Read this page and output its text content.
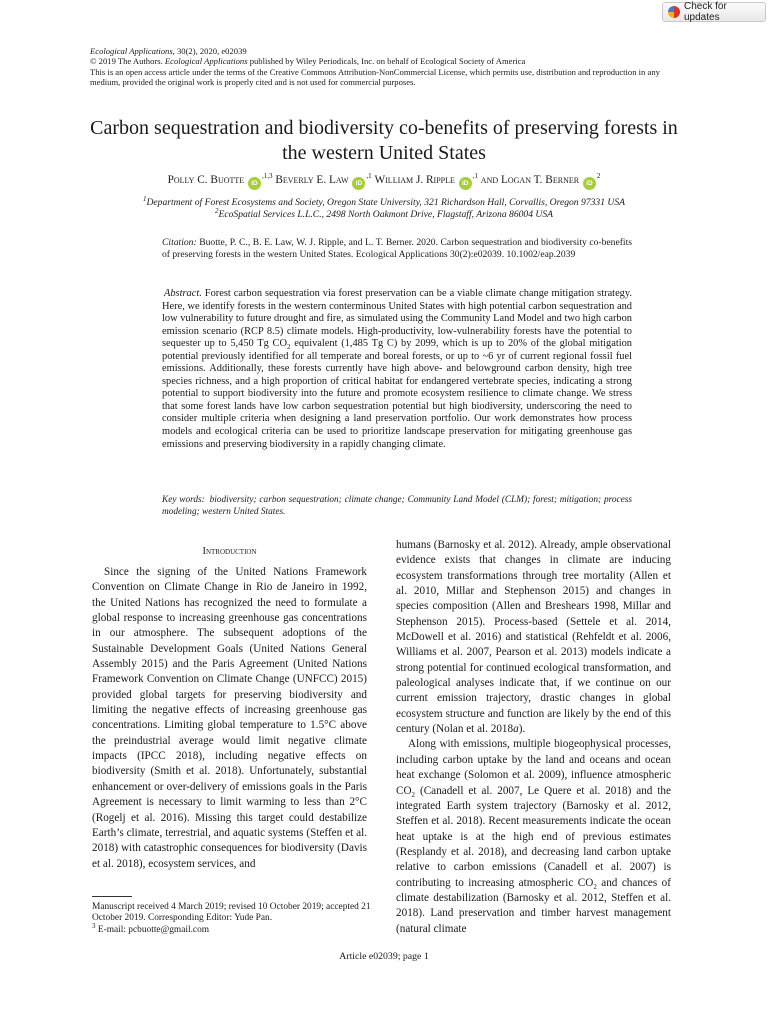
Check for updates
Ecological Applications, 30(2), 2020, e02039
© 2019 The Authors. Ecological Applications published by Wiley Periodicals, Inc. on behalf of Ecological Society of America
This is an open access article under the terms of the Creative Commons Attribution-NonCommercial License, which permits use, distribution and reproduction in any medium, provided the original work is properly cited and is not used for commercial purposes.
Carbon sequestration and biodiversity co-benefits of preserving forests in the western United States
Polly C. Buotte $iD^{,1,3}$ Beverly E. Law $iD^{,1}$ William J. Ripple $iD^{,1}$ and Logan T. Berner $iD^2$
$^1$Department of Forest Ecosystems and Society, Oregon State University, 321 Richardson Hall, Corvallis, Oregon 97331 USA
$^2$EcoSpatial Services L.L.C., 2498 North Oakmont Drive, Flagstaff, Arizona 86004 USA
Citation: Buotte, P. C., B. E. Law, W. J. Ripple, and L. T. Berner. 2020. Carbon sequestration and biodiversity co-benefits of preserving forests in the western United States. Ecological Applications 30(2):e02039. 10.1002/eap.2039
Abstract. Forest carbon sequestration via forest preservation can be a viable climate change mitigation strategy. Here, we identify forests in the western conterminous United States with high potential carbon sequestration and low vulnerability to future drought and fire, as simulated using the Community Land Model and two high carbon emission scenario (RCP 8.5) climate models. High-productivity, low-vulnerability forests have the potential to sequester up to 5,450 Tg $CO_2$ equivalent (1,485 Tg C) by 2099, which is up to 20% of the global mitigation potential previously identified for all temperate and boreal forests, or up to ~6 yr of current regional fossil fuel emissions. Additionally, these forests currently have high above- and belowground carbon density, high tree species richness, and a high proportion of critical habitat for endangered vertebrate species, indicating a strong potential to support biodiversity into the future and promote ecosystem resilience to climate change. We stress that some forest lands have low carbon sequestration potential but high biodiversity, underscoring the need to consider multiple criteria when designing a land preservation portfolio. Our work demonstrates how process models and ecological criteria can be used to prioritize landscape preservation for mitigating greenhouse gas emissions and preserving biodiversity in a rapidly changing climate.
Key words: biodiversity; carbon sequestration; climate change; Community Land Model (CLM); forest; mitigation; process modeling; western United States.
Introduction

Since the signing of the United Nations Framework Convention on Climate Change in Rio de Janeiro in 1992, the United Nations has recognized the need to formulate a global response to increasing greenhouse gas concentrations in our atmosphere. The subsequent adoptions of the Sustainable Development Goals (United Nations General Assembly 2015) and the Paris Agreement (United Nations Framework Convention on Climate Change (UNFCC) 2015) provided global targets for preserving biodiversity and limiting the negative effects of increasing greenhouse gas concentrations. Limiting global temperature to 1.5°C above the preindustrial average would limit negative climate impacts (IPCC 2018), including negative effects on biodiversity (Smith et al. 2018). Unfortunately, substantial enhancement or over-delivery of emissions goals in the Paris Agreement is necessary to limit warming to less than 2°C (Rogelj et al. 2016). Missing this target could destabilize Earth’s climate, terrestrial, and aquatic systems (Steffen et al. 2018) with catastrophic consequences for biodiversity (Davis et al. 2018), ecosystem services, and

humans (Barnosky et al. 2012). Already, ample observational evidence exists that changes in climate are inducing ecosystem transformations through tree mortality (Allen et al. 2010, Millar and Stephenson 2015) and changes in species composition (Allen and Breshears 1998, Millar and Stephenson 2015). Process-based (Settele et al. 2014, McDowell et al. 2016) and statistical (Rehfeldt et al. 2006, Williams et al. 2007, Pearson et al. 2013) models indicate a strong potential for continued ecological transformation, and paleological analyses indicate that, if we continue on our current emission trajectory, drastic changes in global ecosystem structure and function are likely by the end of this century (Nolan et al. 2018a).

Along with emissions, multiple biogeophysical processes, including carbon uptake by the land and oceans and ocean heat exchange (Solomon et al. 2009), influence atmospheric $CO_2$ (Canadell et al. 2007, Le Quere et al. 2018) and the integrated Earth system trajectory (Barnosky et al. 2012, Steffen et al. 2018). Recent measurements indicate the ocean heat uptake is at the high end of previous estimates (Resplandy et al. 2018), and decreasing land carbon uptake relative to carbon emissions (Canadell et al. 2007) is contributing to increasing atmospheric $CO_2$ and chances of climate destabilization (Barnosky et al. 2012, Steffen et al. 2018). Land preservation and timber harvest management (natural climate

Manuscript received 4 March 2019; revised 10 October 2019; accepted 21 October 2019. Corresponding Editor: Yude Pan.
$^3$ E-mail: pcbuotte@gmail.com
Article e02039; page 1
